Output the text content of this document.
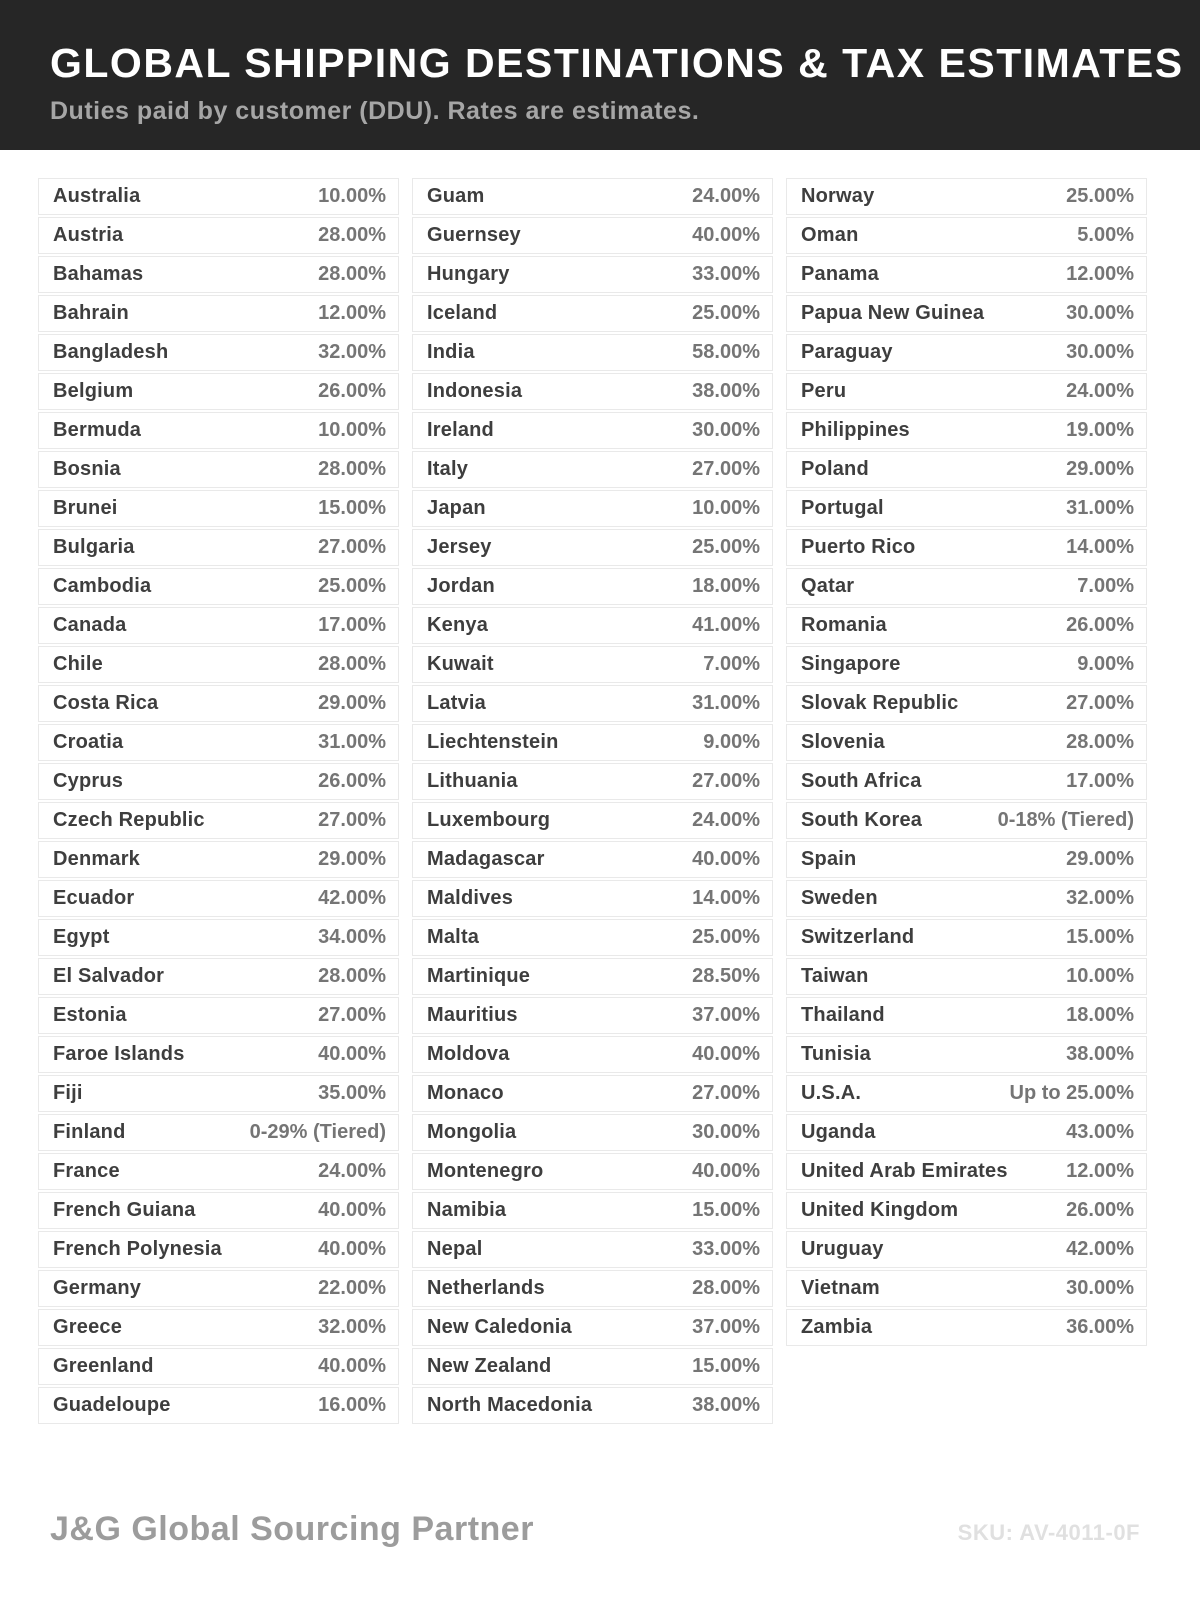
GLOBAL SHIPPING DESTINATIONS & TAX ESTIMATES
Duties paid by customer (DDU). Rates are estimates.
Australia	10.00%
Austria	28.00%
Bahamas	28.00%
Bahrain	12.00%
Bangladesh	32.00%
Belgium	26.00%
Bermuda	10.00%
Bosnia	28.00%
Brunei	15.00%
Bulgaria	27.00%
Cambodia	25.00%
Canada	17.00%
Chile	28.00%
Costa Rica	29.00%
Croatia	31.00%
Cyprus	26.00%
Czech Republic	27.00%
Denmark	29.00%
Ecuador	42.00%
Egypt	34.00%
El Salvador	28.00%
Estonia	27.00%
Faroe Islands	40.00%
Fiji	35.00%
Finland	0-29% (Tiered)
France	24.00%
French Guiana	40.00%
French Polynesia	40.00%
Germany	22.00%
Greece	32.00%
Greenland	40.00%
Guadeloupe	16.00%
Guam	24.00%
Guernsey	40.00%
Hungary	33.00%
Iceland	25.00%
India	58.00%
Indonesia	38.00%
Ireland	30.00%
Italy	27.00%
Japan	10.00%
Jersey	25.00%
Jordan	18.00%
Kenya	41.00%
Kuwait	7.00%
Latvia	31.00%
Liechtenstein	9.00%
Lithuania	27.00%
Luxembourg	24.00%
Madagascar	40.00%
Maldives	14.00%
Malta	25.00%
Martinique	28.50%
Mauritius	37.00%
Moldova	40.00%
Monaco	27.00%
Mongolia	30.00%
Montenegro	40.00%
Namibia	15.00%
Nepal	33.00%
Netherlands	28.00%
New Caledonia	37.00%
New Zealand	15.00%
North Macedonia	38.00%
Norway	25.00%
Oman	5.00%
Panama	12.00%
Papua New Guinea	30.00%
Paraguay	30.00%
Peru	24.00%
Philippines	19.00%
Poland	29.00%
Portugal	31.00%
Puerto Rico	14.00%
Qatar	7.00%
Romania	26.00%
Singapore	9.00%
Slovak Republic	27.00%
Slovenia	28.00%
South Africa	17.00%
South Korea	0-18% (Tiered)
Spain	29.00%
Sweden	32.00%
Switzerland	15.00%
Taiwan	10.00%
Thailand	18.00%
Tunisia	38.00%
U.S.A.	Up to 25.00%
Uganda	43.00%
United Arab Emirates	12.00%
United Kingdom	26.00%
Uruguay	42.00%
Vietnam	30.00%
Zambia	36.00%
J&G Global Sourcing Partner	SKU: AV-4011-0F
